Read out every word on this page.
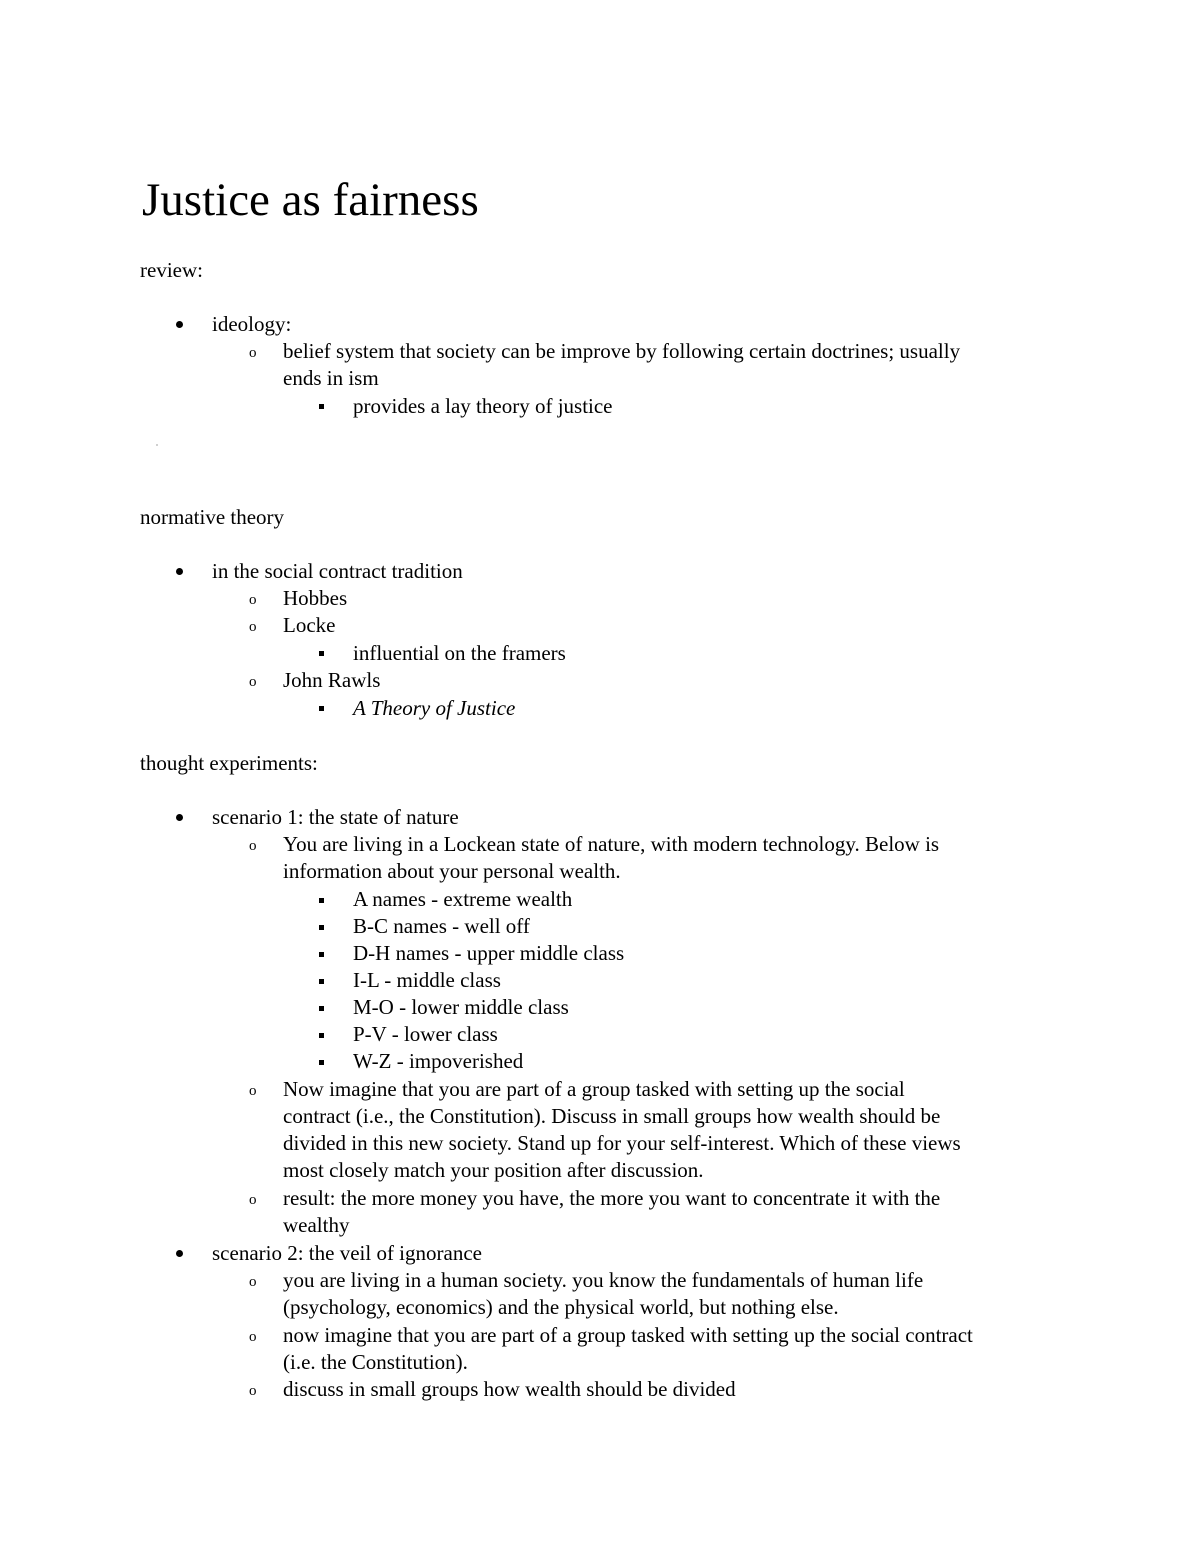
Justice as fairness
review:
ideology:
o belief system that society can be improve by following certain doctrines; usually
ends in ism
provides a lay theory of justice
normative theory
in the social contract tradition
o Hobbes
o Locke
influential on the framers
o John Rawls
A Theory of Justice
thought experiments:
scenario 1: the state of nature
o You are living in a Lockean state of nature, with modern technology. Below is
information about your personal wealth.
A names - extreme wealth
B-C names - well off
D-H names - upper middle class
I-L - middle class
M-O - lower middle class
P-V - lower class
W-Z - impoverished
o Now imagine that you are part of a group tasked with setting up the social
contract (i.e., the Constitution). Discuss in small groups how wealth should be
divided in this new society. Stand up for your self-interest. Which of these views
most closely match your position after discussion.
o result: the more money you have, the more you want to concentrate it with the
wealthy
scenario 2: the veil of ignorance
o you are living in a human society. you know the fundamentals of human life
(psychology, economics) and the physical world, but nothing else.
o now imagine that you are part of a group tasked with setting up the social contract
(i.e. the Constitution).
o discuss in small groups how wealth should be divided
